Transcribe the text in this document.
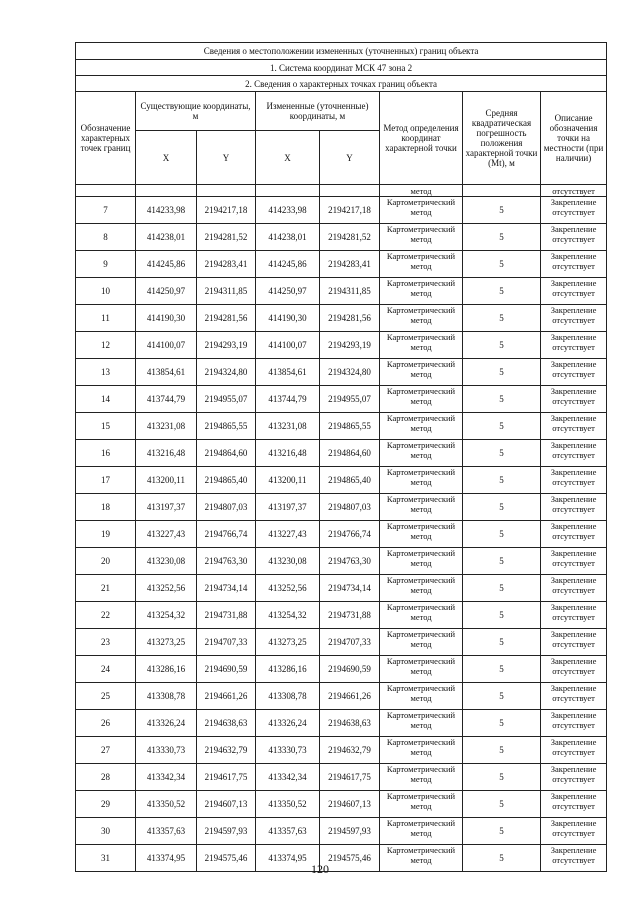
Сведения о местоположении измененных (уточненных) границ объекта							
1. Система координат МСК 47 зона 2							
2. Сведения о характерных точках границ объекта							
Обозначение характерных точек границ	Существующие координаты, м		Измененные (уточненные) координаты, м		Метод определения координат характерной точки	Средняя квадратическая погрешность положения характерной точки (Mt), м	Описание обозначения точки на местности (при наличии)
	X	Y	X	Y			
					метод		отсутствует
7	414233,98	2194217,18	414233,98	2194217,18	Картометрический метод	5	Закрепление отсутствует
8	414238,01	2194281,52	414238,01	2194281,52	Картометрический метод	5	Закрепление отсутствует
9	414245,86	2194283,41	414245,86	2194283,41	Картометрический метод	5	Закрепление отсутствует
10	414250,97	2194311,85	414250,97	2194311,85	Картометрический метод	5	Закрепление отсутствует
11	414190,30	2194281,56	414190,30	2194281,56	Картометрический метод	5	Закрепление отсутствует
12	414100,07	2194293,19	414100,07	2194293,19	Картометрический метод	5	Закрепление отсутствует
13	413854,61	2194324,80	413854,61	2194324,80	Картометрический метод	5	Закрепление отсутствует
14	413744,79	2194955,07	413744,79	2194955,07	Картометрический метод	5	Закрепление отсутствует
15	413231,08	2194865,55	413231,08	2194865,55	Картометрический метод	5	Закрепление отсутствует
16	413216,48	2194864,60	413216,48	2194864,60	Картометрический метод	5	Закрепление отсутствует
17	413200,11	2194865,40	413200,11	2194865,40	Картометрический метод	5	Закрепление отсутствует
18	413197,37	2194807,03	413197,37	2194807,03	Картометрический метод	5	Закрепление отсутствует
19	413227,43	2194766,74	413227,43	2194766,74	Картометрический метод	5	Закрепление отсутствует
20	413230,08	2194763,30	413230,08	2194763,30	Картометрический метод	5	Закрепление отсутствует
21	413252,56	2194734,14	413252,56	2194734,14	Картометрический метод	5	Закрепление отсутствует
22	413254,32	2194731,88	413254,32	2194731,88	Картометрический метод	5	Закрепление отсутствует
23	413273,25	2194707,33	413273,25	2194707,33	Картометрический метод	5	Закрепление отсутствует
24	413286,16	2194690,59	413286,16	2194690,59	Картометрический метод	5	Закрепление отсутствует
25	413308,78	2194661,26	413308,78	2194661,26	Картометрический метод	5	Закрепление отсутствует
26	413326,24	2194638,63	413326,24	2194638,63	Картометрический метод	5	Закрепление отсутствует
27	413330,73	2194632,79	413330,73	2194632,79	Картометрический метод	5	Закрепление отсутствует
28	413342,34	2194617,75	413342,34	2194617,75	Картометрический метод	5	Закрепление отсутствует
29	413350,52	2194607,13	413350,52	2194607,13	Картометрический метод	5	Закрепление отсутствует
30	413357,63	2194597,93	413357,63	2194597,93	Картометрический метод	5	Закрепление отсутствует
31	413374,95	2194575,46	413374,95	2194575,46	Картометрический метод	5	Закрепление отсутствует
120
